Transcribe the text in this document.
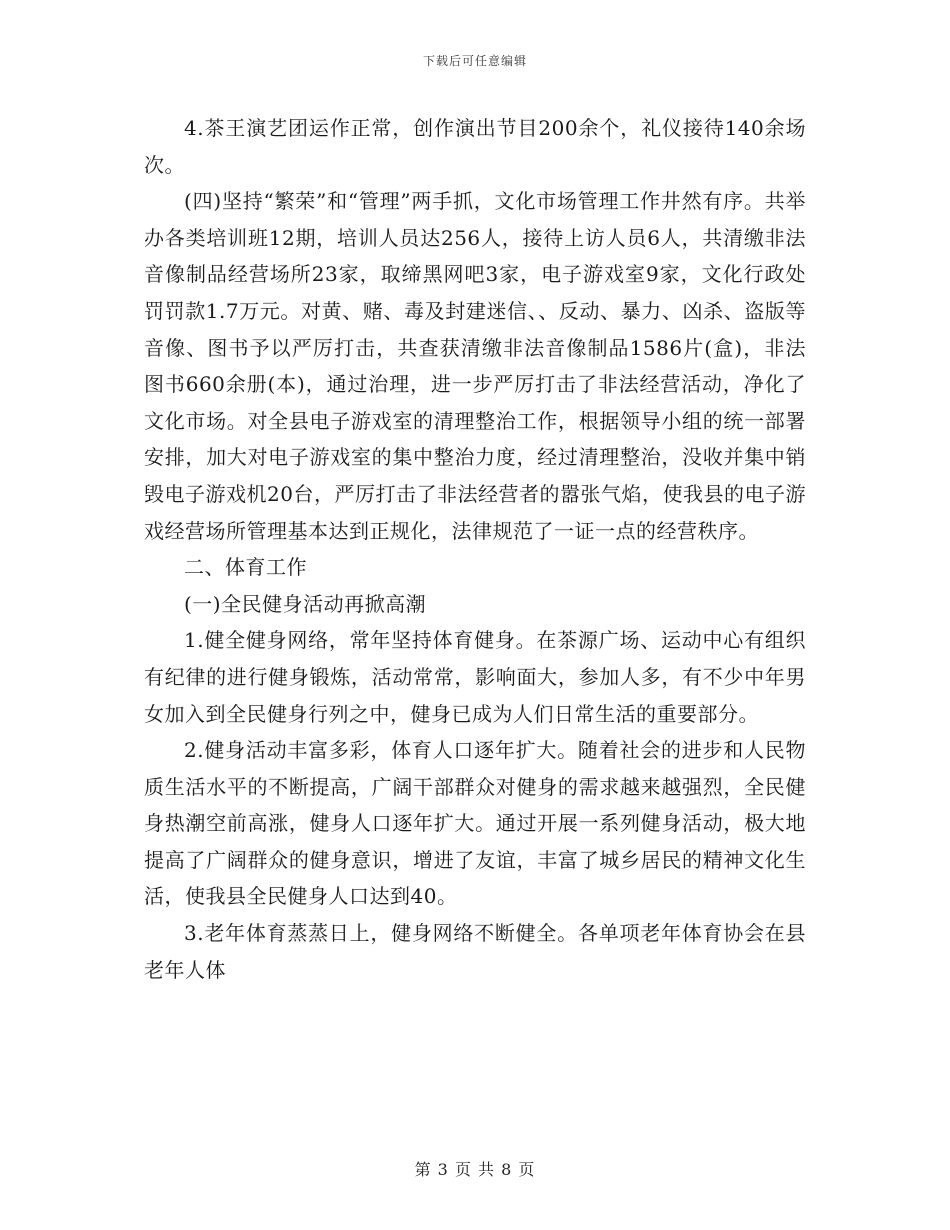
下载后可任意编辑

4.茶王演艺团运作正常，创作演出节目200余个，礼仪接待140余场次。

(四)坚持“繁荣”和“管理”两手抓，文化市场管理工作井然有序。共举办各类培训班12期，培训人员达256人，接待上访人员6人，共清缴非法音像制品经营场所23家，取缔黑网吧3家，电子游戏室9家，文化行政处罚罚款1.7万元。对黄、赌、毒及封建迷信、、反动、暴力、凶杀、盗版等音像、图书予以严厉打击，共查获清缴非法音像制品1586片(盒)，非法图书660余册(本)，通过治理，进一步严厉打击了非法经营活动，净化了文化市场。对全县电子游戏室的清理整治工作，根据领导小组的统一部署安排，加大对电子游戏室的集中整治力度，经过清理整治，没收并集中销毁电子游戏机20台，严厉打击了非法经营者的嚣张气焰，使我县的电子游戏经营场所管理基本达到正规化，法律规范了一证一点的经营秩序。

二、体育工作

(一)全民健身活动再掀高潮

1.健全健身网络，常年坚持体育健身。在茶源广场、运动中心有组织有纪律的进行健身锻炼，活动常常，影响面大，参加人多，有不少中年男女加入到全民健身行列之中，健身已成为人们日常生活的重要部分。

2.健身活动丰富多彩，体育人口逐年扩大。随着社会的进步和人民物质生活水平的不断提高，广阔干部群众对健身的需求越来越强烈，全民健身热潮空前高涨，健身人口逐年扩大。通过开展一系列健身活动，极大地提高了广阔群众的健身意识，增进了友谊，丰富了城乡居民的精神文化生活，使我县全民健身人口达到40。

3.老年体育蒸蒸日上，健身网络不断健全。各单项老年体育协会在县老年人体

第 3 页 共 8 页
